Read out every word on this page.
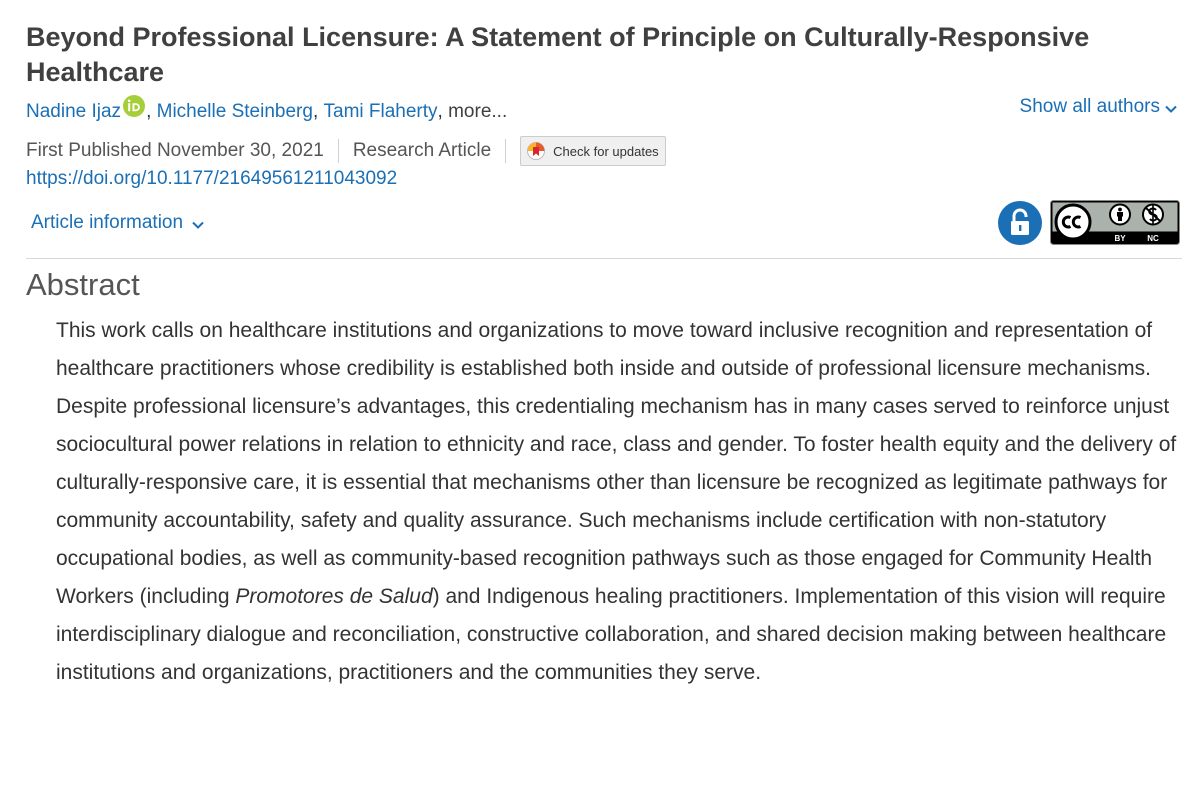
Beyond Professional Licensure: A Statement of Principle on Culturally-Responsive Healthcare
Nadine Ijaz ,
Michelle Steinberg ,
Tami Flaherty ,
more...	Show all authors
First Published November 30, 2021 Research Article	Check for updates
https://doi.org/10.1177/21649561211043092
Article information
BY	NC
Abstract

This work calls on healthcare institutions and organizations to move toward inclusive recognition and representation of healthcare practitioners whose credibility is established both inside and outside of professional licensure mechanisms. Despite professional licensure’s advantages, this credentialing mechanism has in many cases served to reinforce unjust sociocultural power relations in relation to ethnicity and race, class and gender. To foster health equity and the delivery of culturally-responsive care, it is essential that mechanisms other than licensure be recognized as legitimate pathways for community accountability, safety and quality assurance. Such mechanisms include certification with non-statutory occupational bodies, as well as community-based recognition pathways such as those engaged for Community Health Workers (including Promotores de Salud) and Indigenous healing practitioners. Implementation of this vision will require interdisciplinary dialogue and reconciliation, constructive collaboration, and shared decision making between healthcare institutions and organizations, practitioners and the communities they serve.
